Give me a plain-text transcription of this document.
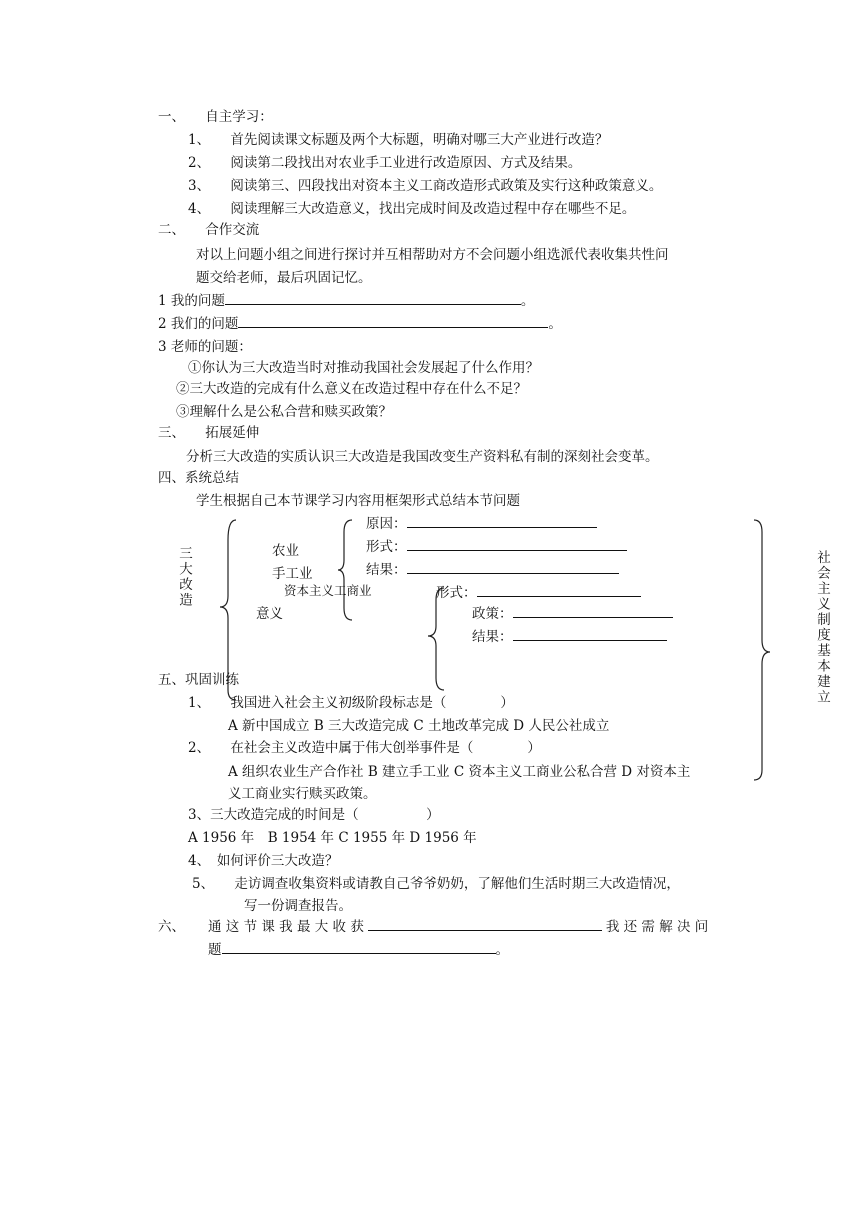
一、　　自主学习：
1、　　首先阅读课文标题及两个大标题，明确对哪三大产业进行改造？
2、　　阅读第二段找出对农业手工业进行改造原因、方式及结果。
3、　　阅读第三、四段找出对资本主义工商改造形式政策及实行这种政策意义。
4、　　阅读理解三大改造意义，找出完成时间及改造过程中存在哪些不足。
二、　　合作交流
对以上问题小组之间进行探讨并互相帮助对方不会问题小组选派代表收集共性问
题交给老师，最后巩固记忆。
1 我的问题	。
2 我们的问题	。
3 老师的问题：
①你认为三大改造当时对推动我国社会发展起了什么作用？
②三大改造的完成有什么意义在改造过程中存在什么不足？
③理解什么是公私合营和赎买政策？
三、　　拓展延伸
分析三大改造的实质认识三大改造是我国改变生产资料私有制的深刻社会变革。
四、系统总结
学生根据自己本节课学习内容用框架形式总结本节问题
三大改造	农业
手工业
资本主义工商业
意义
原因：
形式：
结果：
形式：
政策：
结果：	社会主义制度基本建立
五、巩固训练
1、　　我国进入社会主义初级阶段标志是（　　　　）
A 新中国成立 B 三大改造完成 C 土地改革完成 D 人民公社成立
2、　　在社会主义改造中属于伟大创举事件是（　　　　）
A 组织农业生产合作社 B 建立手工业 C 资本主义工商业公私合营 D 对资本主
义工商业实行赎买政策。
3、三大改造完成的时间是（　　　　　）
A 1956 年　B 1954 年 C 1955 年 D 1956 年
4、　如何评价三大改造？
5、　　走访调查收集资料或请教自己爷爷奶奶，了解他们生活时期三大改造情况，
写一份调查报告。
六、 通 这 节 课 我 最 大 收 获	我 还 需 解 决 问
题	。
